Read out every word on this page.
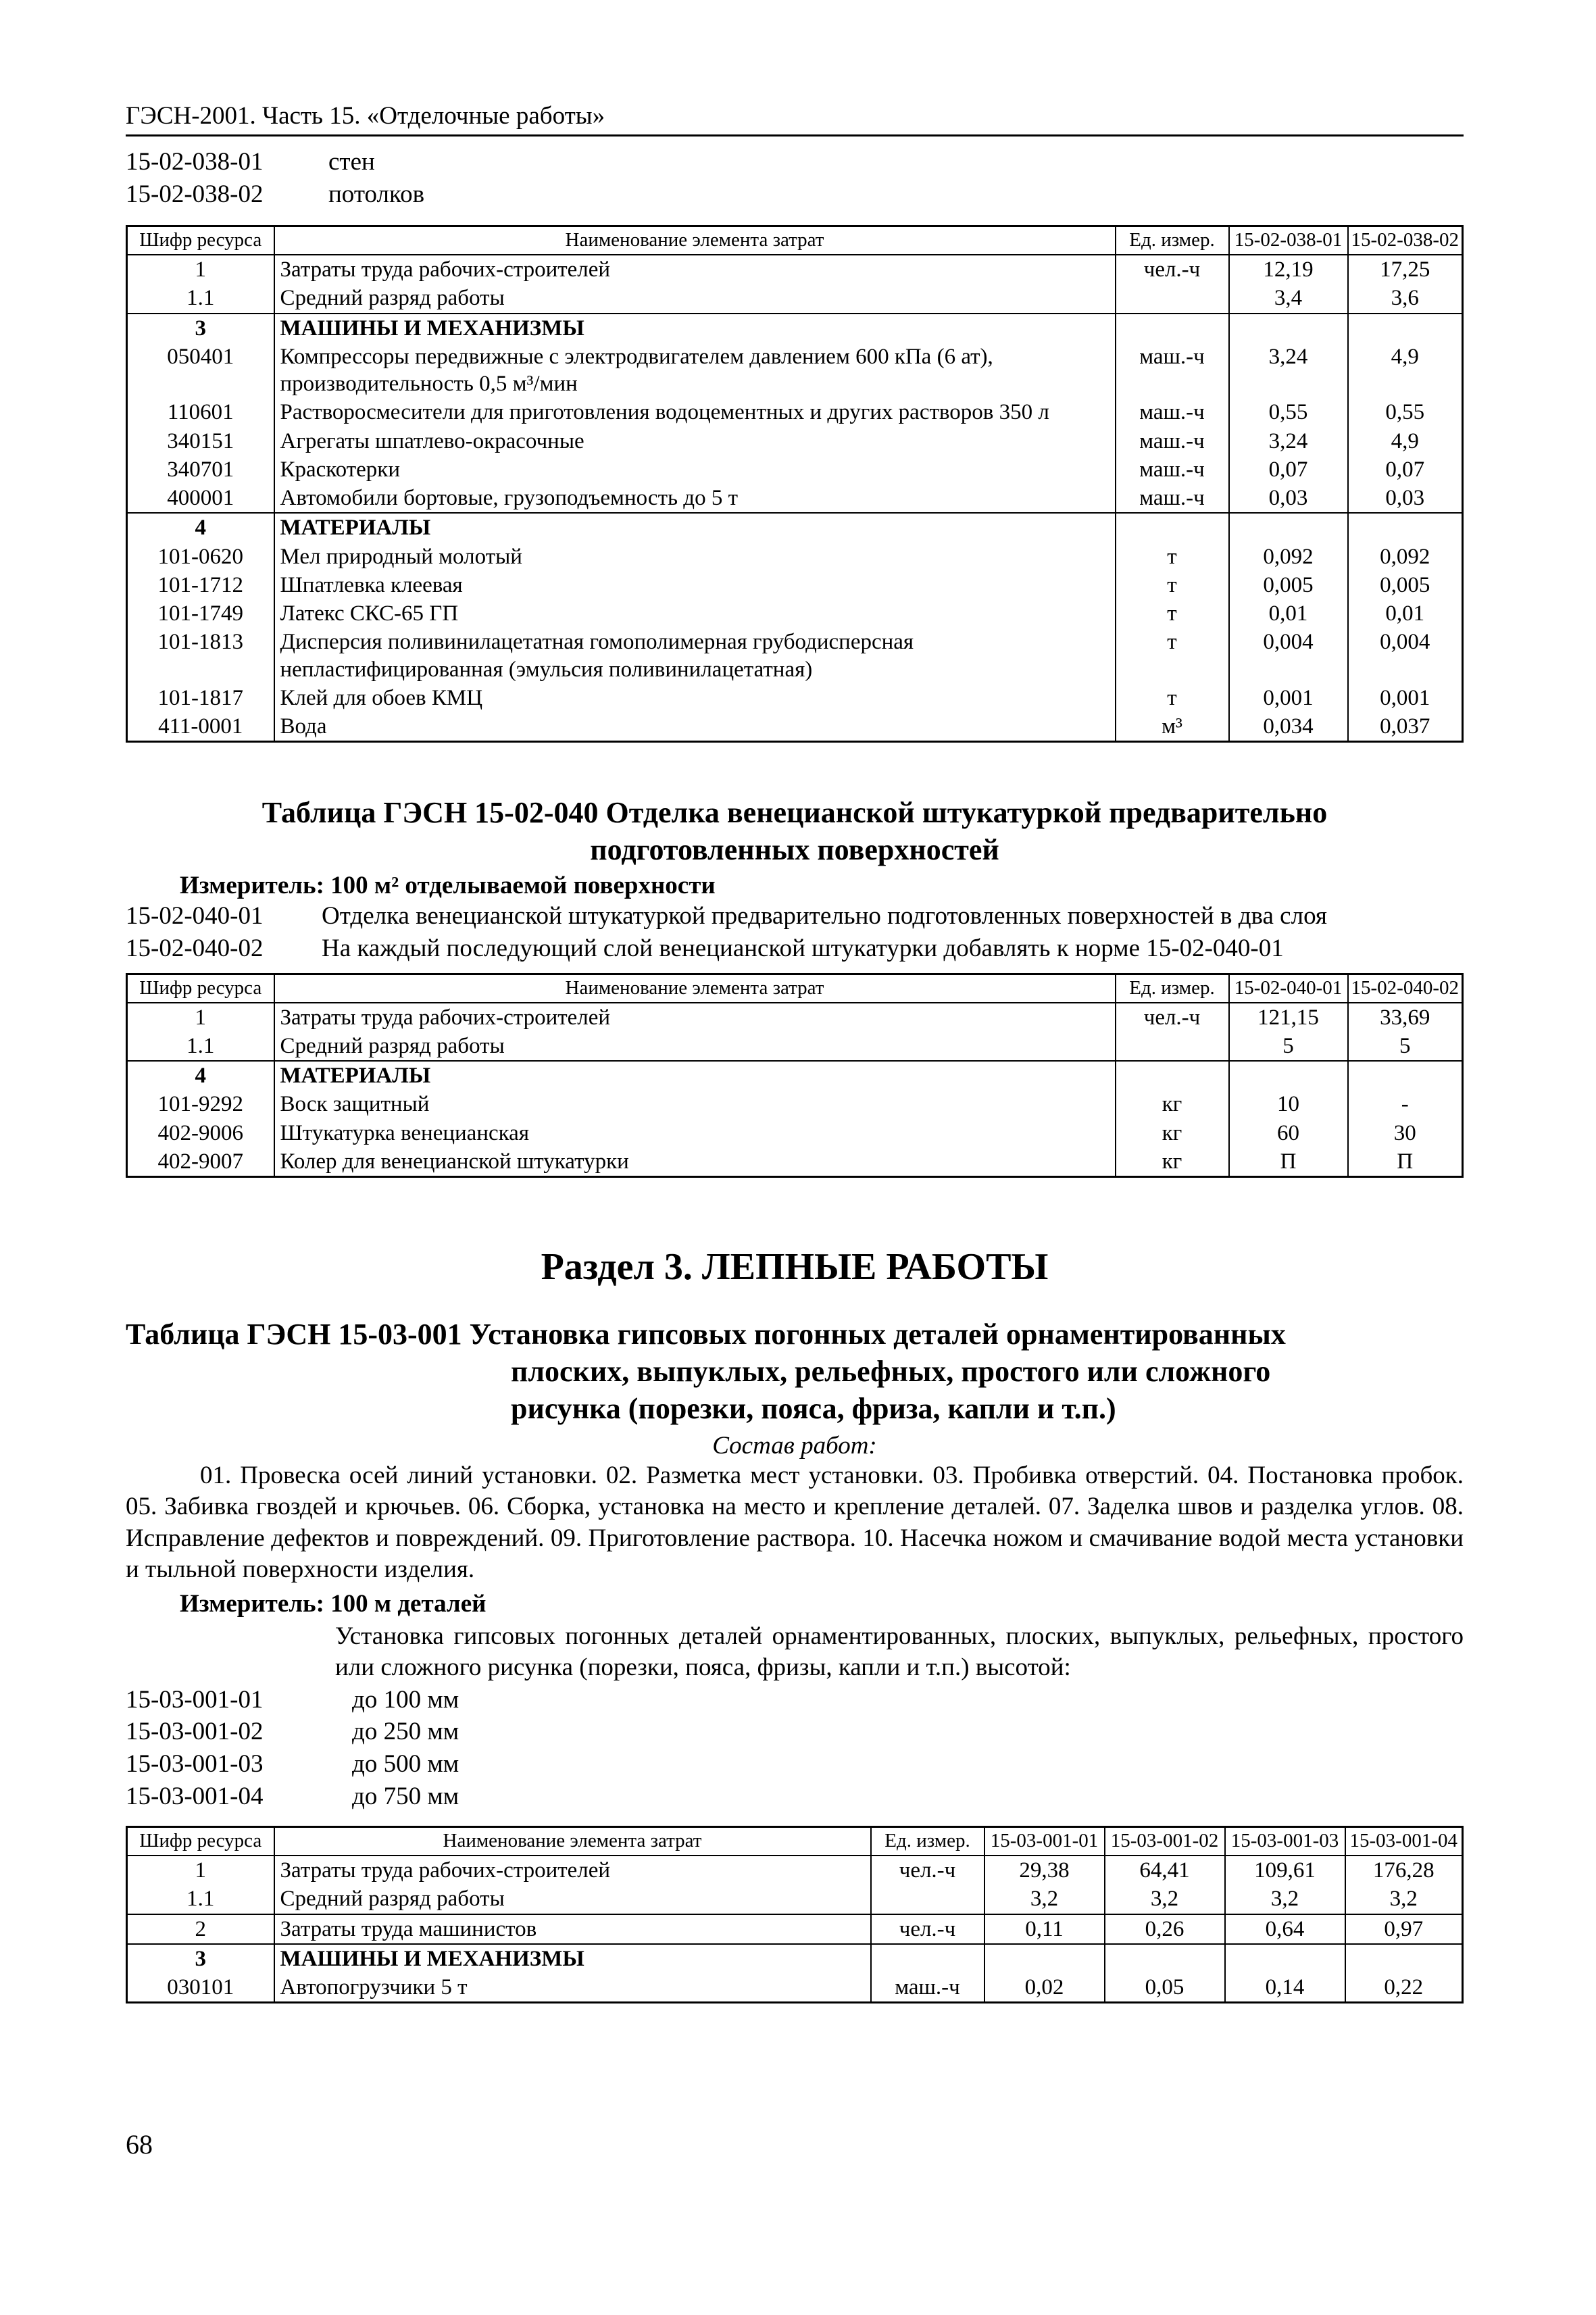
ГЭСН-2001. Часть 15. «Отделочные работы»
15-02-038-01	стен
15-02-038-02	потолков
Шифр ресурса	Наименование элемента затрат	Ед. измер.	15-02-038-01	15-02-038-02
1	Затраты труда рабочих-строителей	чел.-ч	12,19	17,25
1.1	Средний разряд работы		3,4	3,6
3	МАШИНЫ И МЕХАНИЗМЫ			
050401	Компрессоры передвижные с электродвигателем давлением 600 кПа (6 ат), производительность 0,5 м³/мин	маш.-ч	3,24	4,9
110601	Растворосмесители для приготовления водоцементных и других растворов 350 л	маш.-ч	0,55	0,55
340151	Агрегаты шпатлево-окрасочные	маш.-ч	3,24	4,9
340701	Краскотерки	маш.-ч	0,07	0,07
400001	Автомобили бортовые, грузоподъемность до 5 т	маш.-ч	0,03	0,03
4	МАТЕРИАЛЫ			
101-0620	Мел природный молотый	т	0,092	0,092
101-1712	Шпатлевка клеевая	т	0,005	0,005
101-1749	Латекс СКС-65 ГП	т	0,01	0,01
101-1813	Дисперсия поливинилацетатная гомополимерная грубодисперсная непластифицированная (эмульсия поливинилацетатная)	т	0,004	0,004
101-1817	Клей для обоев КМЦ	т	0,001	0,001
411-0001	Вода	м³	0,034	0,037
Таблица ГЭСН 15-02-040 Отделка венецианской штукатуркой предварительно
подготовленных поверхностей
Измеритель: 100 м² отделываемой поверхности
15-02-040-01	Отделка венецианской штукатуркой предварительно подготовленных поверхностей в два слоя
15-02-040-02	На каждый последующий слой венецианской штукатурки добавлять к норме 15-02-040-01
Шифр ресурса	Наименование элемента затрат	Ед. измер.	15-02-040-01	15-02-040-02
1	Затраты труда рабочих-строителей	чел.-ч	121,15	33,69
1.1	Средний разряд работы		5	5
4	МАТЕРИАЛЫ			
101-9292	Воск защитный	кг	10	-
402-9006	Штукатурка венецианская	кг	60	30
402-9007	Колер для венецианской штукатурки	кг	П	П
Раздел 3. ЛЕПНЫЕ РАБОТЫ
Таблица ГЭСН 15-03-001 Установка гипсовых погонных деталей орнаментированных
плоских, выпуклых, рельефных, простого или сложного
рисунка (порезки, пояса, фриза, капли и т.п.)
Состав работ:
01. Провеска осей линий установки. 02. Разметка мест установки. 03. Пробивка отверстий. 04. Постановка пробок. 05. Забивка гвоздей и крючьев. 06. Сборка, установка на место и крепление деталей. 07. Заделка швов и разделка углов. 08. Исправление дефектов и повреждений. 09. Приготовление раствора. 10. Насечка ножом и смачивание водой места установки и тыльной поверхности изделия.
Измеритель: 100 м деталей
Установка гипсовых погонных деталей орнаментированных, плоских, выпуклых, рельефных, простого или сложного рисунка (порезки, пояса, фризы, капли и т.п.) высотой:
15-03-001-01	до 100 мм
15-03-001-02	до 250 мм
15-03-001-03	до 500 мм
15-03-001-04	до 750 мм
Шифр ресурса	Наименование элемента затрат	Ед. измер.	15-03-001-01	15-03-001-02	15-03-001-03	15-03-001-04
1	Затраты труда рабочих-строителей	чел.-ч	29,38	64,41	109,61	176,28
1.1	Средний разряд работы		3,2	3,2	3,2	3,2
2	Затраты труда машинистов	чел.-ч	0,11	0,26	0,64	0,97
3	МАШИНЫ И МЕХАНИЗМЫ					
030101	Автопогрузчики 5 т	маш.-ч	0,02	0,05	0,14	0,22
68
